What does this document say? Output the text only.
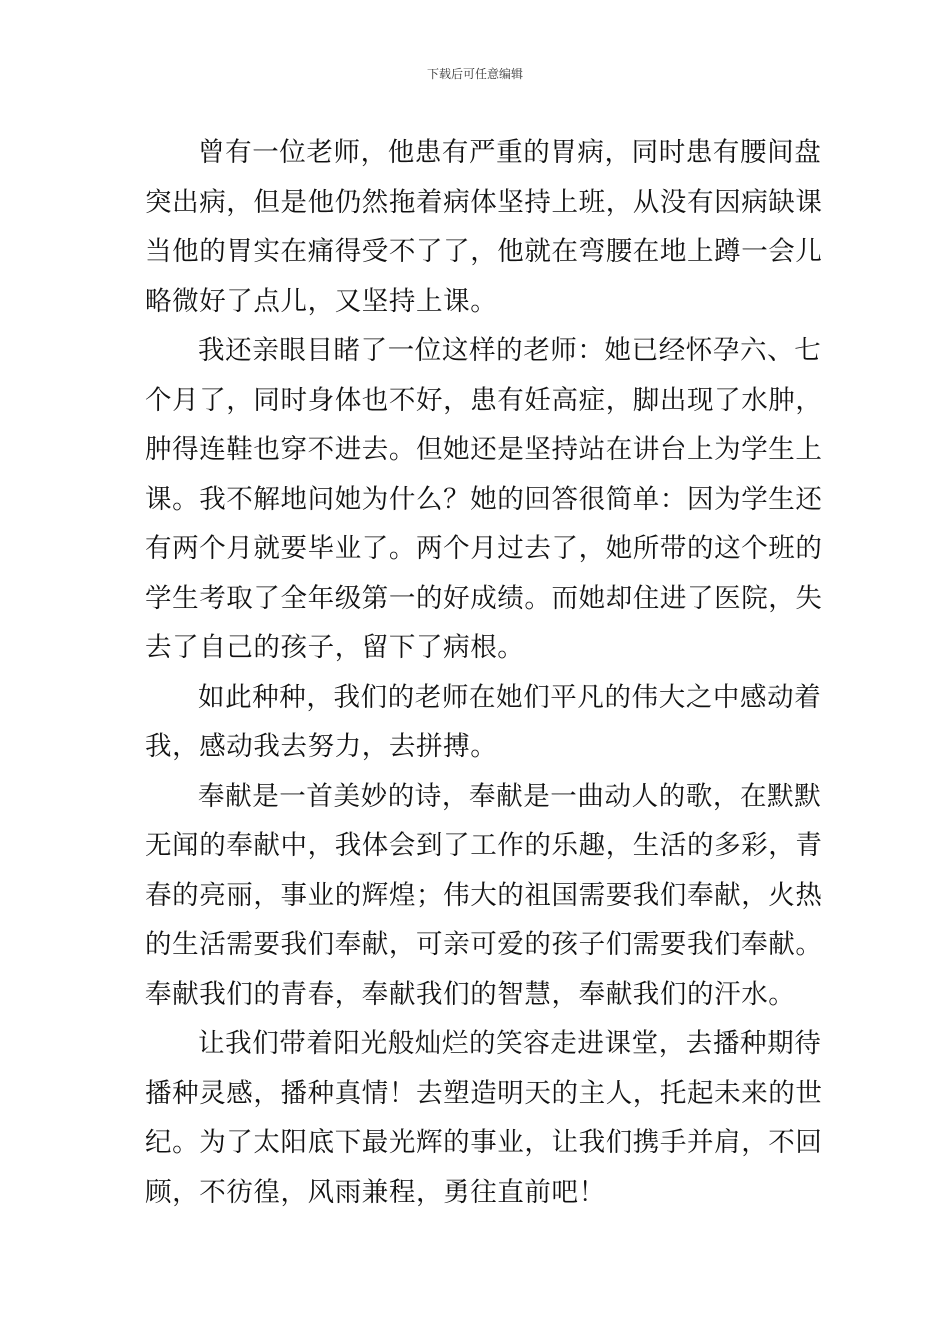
下载后可任意编辑
曾有一位老师，他患有严重的胃病，同时患有腰间盘
突出病，但是他仍然拖着病体坚持上班，从没有因病缺课
当他的胃实在痛得受不了了，他就在弯腰在地上蹲一会儿
略微好了点儿，又坚持上课。
我还亲眼目睹了一位这样的老师：她已经怀孕六、七
个月了，同时身体也不好，患有妊高症，脚出现了水肿，
肿得连鞋也穿不进去。但她还是坚持站在讲台上为学生上
课。我不解地问她为什么？她的回答很简单：因为学生还
有两个月就要毕业了。两个月过去了，她所带的这个班的
学生考取了全年级第一的好成绩。而她却住进了医院，失
去了自己的孩子，留下了病根。
如此种种，我们的老师在她们平凡的伟大之中感动着
我，感动我去努力，去拼搏。
奉献是一首美妙的诗，奉献是一曲动人的歌，在默默
无闻的奉献中，我体会到了工作的乐趣，生活的多彩，青
春的亮丽，事业的辉煌；伟大的祖国需要我们奉献，火热
的生活需要我们奉献，可亲可爱的孩子们需要我们奉献。
奉献我们的青春，奉献我们的智慧，奉献我们的汗水。
让我们带着阳光般灿烂的笑容走进课堂，去播种期待
播种灵感，播种真情！去塑造明天的主人，托起未来的世
纪。为了太阳底下最光辉的事业，让我们携手并肩，不回
顾，不彷徨，风雨兼程，勇往直前吧！
